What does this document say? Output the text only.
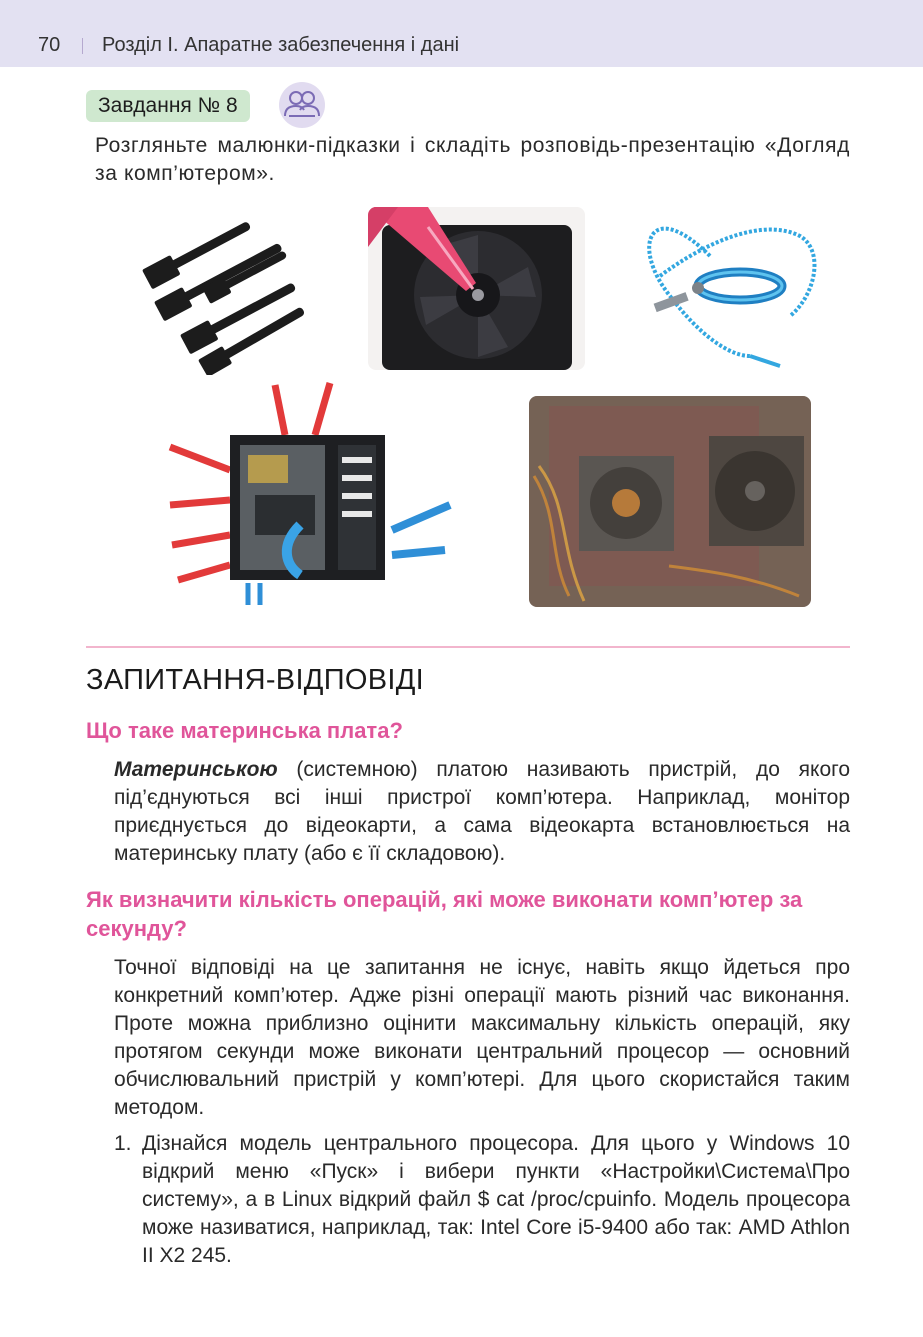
70 Розділ І. Апаратне забезпечення і дані
Завдання № 8
Розгляньте малюнки-підказки і складіть розповідь-презентацію «Догляд за комп’ютером».
ЗАПИТАННЯ-ВІДПОВІДІ
Що таке материнська плата?
Материнською (системною) платою називають пристрій, до якого під’єднуються всі інші пристрої комп’ютера. Наприклад, монітор приєднується до відеокарти, а сама відеокарта встановлюється на материнську плату (або є її складовою).
Як визначити кількість операцій, які може виконати комп’ютер за секунду?
Точної відповіді на це запитання не існує, навіть якщо йдеться про конкретний комп’ютер. Адже різні операції мають різний час виконання. Проте можна приблизно оцінити максимальну кількість операцій, яку протягом секунди може виконати центральний процесор — основний обчислювальний пристрій у комп’ютері. Для цього скористайся таким методом.
1. Дізнайся модель центрального процесора. Для цього у Windows 10 відкрий меню «Пуск» і вибери пункти «Настройки\Система\Про систему», а в Linux відкрий файл $ cat /proc/cpuinfo. Модель процесора може називатися, наприклад, так: Intel Core i5-9400 або так: AMD Athlon II X2 245.
